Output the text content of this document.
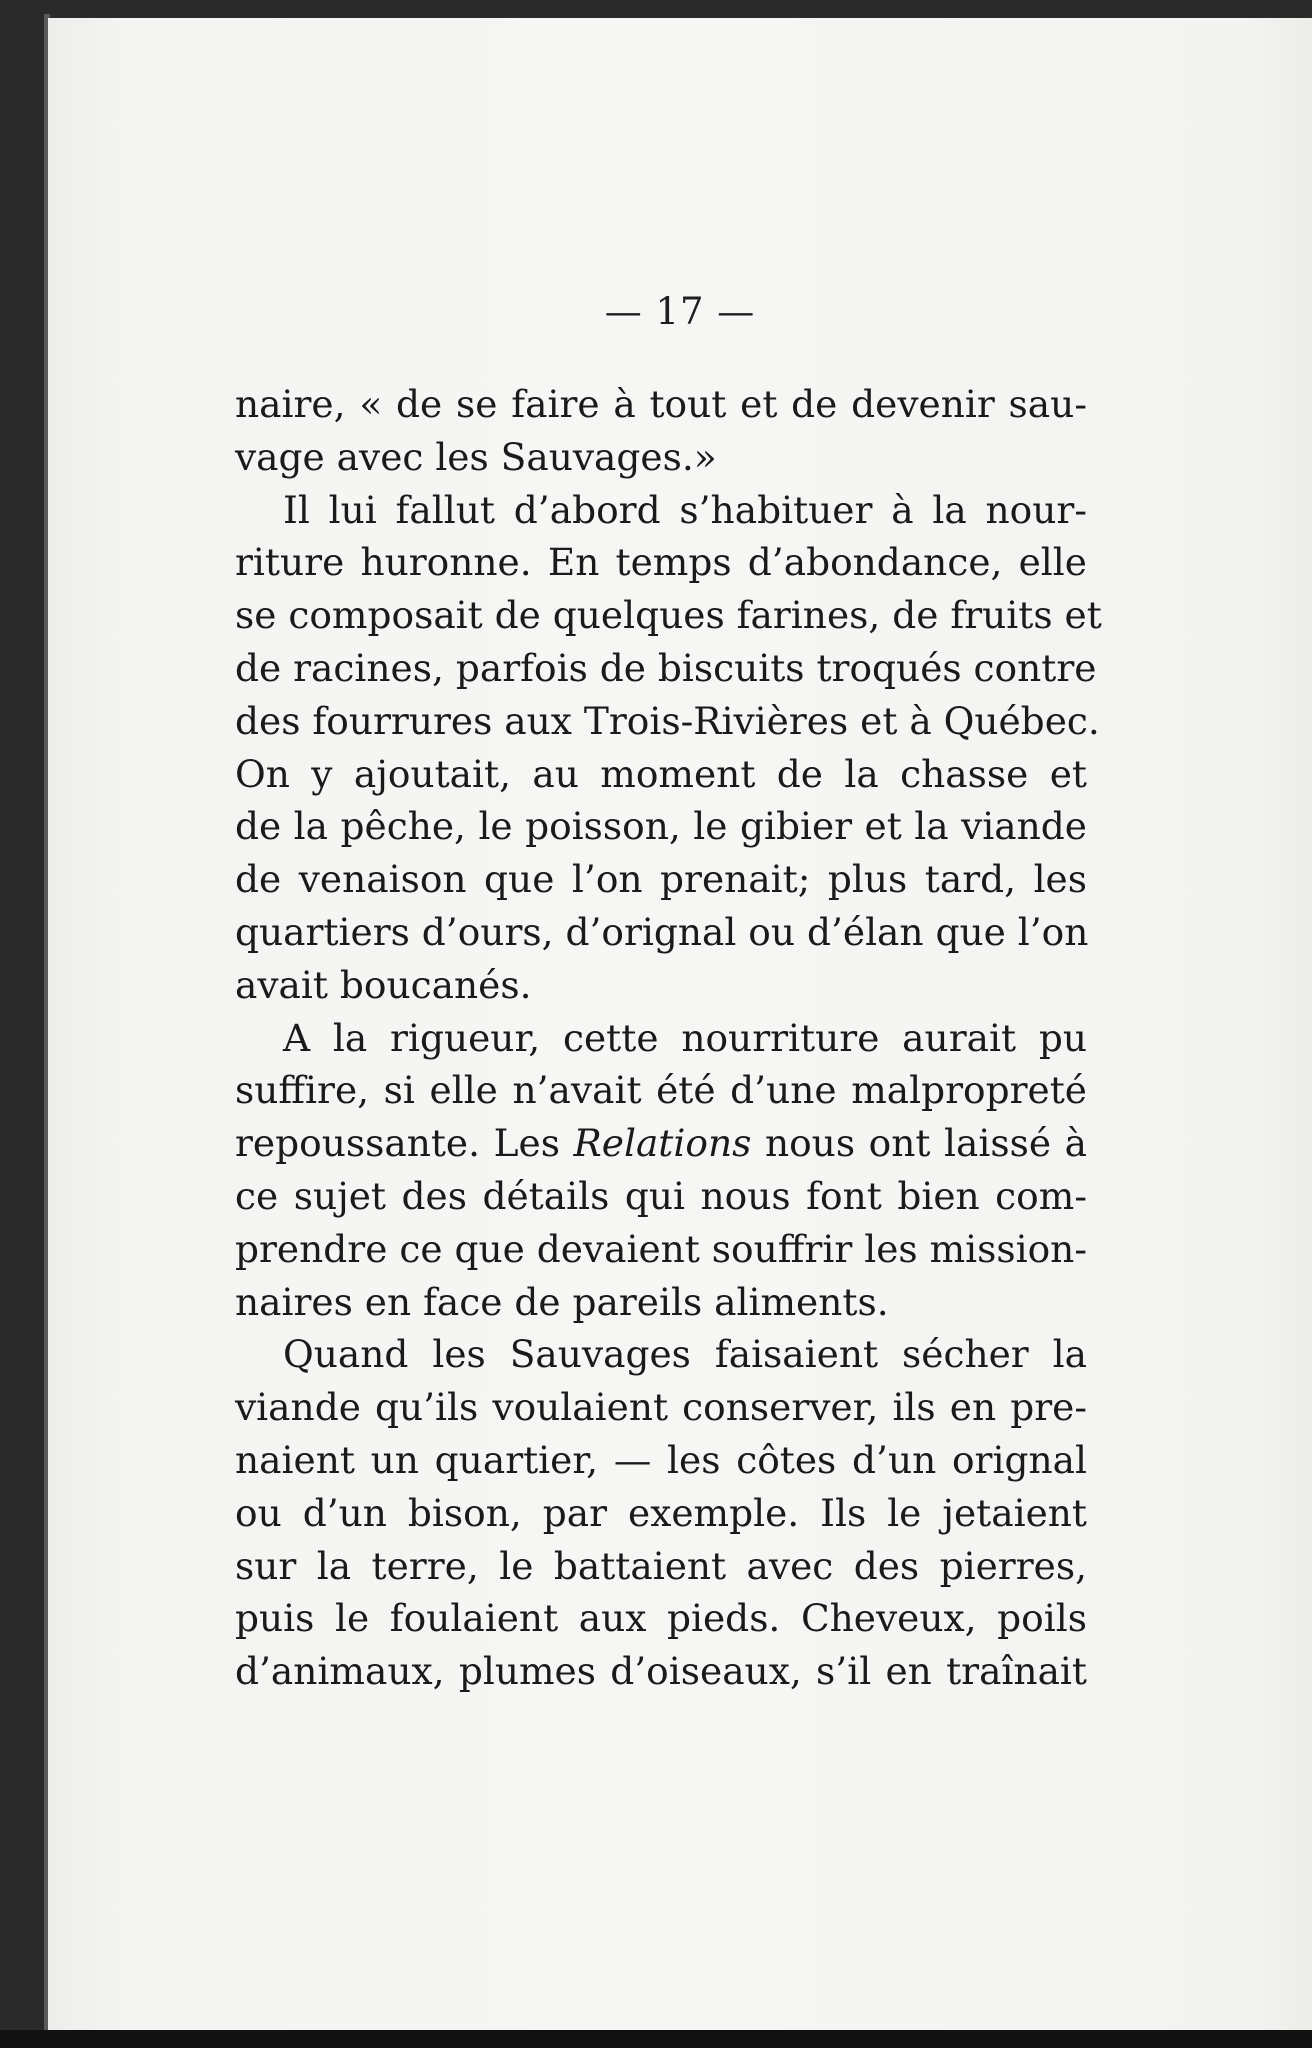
— 17 —
naire, « de se faire à tout et de devenir sau-
vage avec les Sauvages.»
Il lui fallut d’abord s’habituer à la nour-
riture huronne. En temps d’abondance, elle
se composait de quelques farines, de fruits et
de racines, parfois de biscuits troqués contre
des fourrures aux Trois-Rivières et à Québec.
On y ajoutait, au moment de la chasse et
de la pêche, le poisson, le gibier et la viande
de venaison que l’on prenait; plus tard, les
quartiers d’ours, d’orignal ou d’élan que l’on
avait boucanés.
A la rigueur, cette nourriture aurait pu
suffire, si elle n’avait été d’une malpropreté
repoussante. Les Relations nous ont laissé à
ce sujet des détails qui nous font bien com-
prendre ce que devaient souffrir les mission-
naires en face de pareils aliments.
Quand les Sauvages faisaient sécher la
viande qu’ils voulaient conserver, ils en pre-
naient un quartier, — les côtes d’un orignal
ou d’un bison, par exemple. Ils le jetaient
sur la terre, le battaient avec des pierres,
puis le foulaient aux pieds. Cheveux, poils
d’animaux, plumes d’oiseaux, s’il en traînait
